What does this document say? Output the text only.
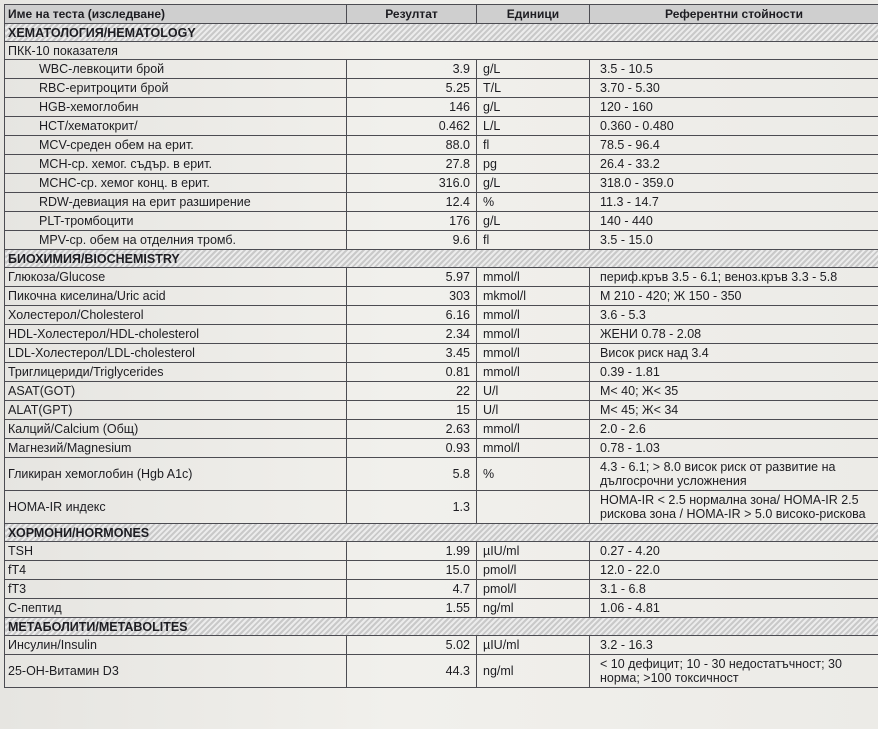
Име на теста (изследване)	Резултат	Единици	Референтни стойности
ХЕМАТОЛОГИЯ/HEMATOLOGY			
ПКК-10 показателя			
WBC-левкоцити брой	3.9	g/L	3.5 - 10.5
RBC-еритроцити брой	5.25	T/L	3.70 - 5.30
HGB-хемоглобин	146	g/L	120 - 160
HCT/хематокрит/	0.462	L/L	0.360 - 0.480
MCV-среден обем на ерит.	88.0	fl	78.5 - 96.4
MCH-ср. хемог. съдър. в ерит.	27.8	pg	26.4 - 33.2
MCHC-ср. хемог конц. в ерит.	316.0	g/L	318.0 - 359.0
RDW-девиация на ерит разширение	12.4	%	11.3 - 14.7
PLT-тромбоцити	176	g/L	140 - 440
MPV-ср. обем на отделния тромб.	9.6	fl	3.5 - 15.0
БИОХИМИЯ/BIOCHEMISTRY			
Глюкоза/Glucose	5.97	mmol/l	периф.кръв 3.5 - 6.1; веноз.кръв 3.3 - 5.8
Пикочна киселина/Uric acid	303	mkmol/l	М 210 - 420; Ж 150 - 350
Холестерол/Cholesterol	6.16	mmol/l	3.6 - 5.3
HDL-Холестерол/HDL-cholesterol	2.34	mmol/l	ЖЕНИ 0.78 - 2.08
LDL-Холестерол/LDL-cholesterol	3.45	mmol/l	Висок риск над 3.4
Триглицериди/Triglycerides	0.81	mmol/l	0.39 - 1.81
ASAT(GOT)	22	U/l	M< 40; Ж< 35
ALAT(GPT)	15	U/l	M< 45; Ж< 34
Калций/Calcium (Общ)	2.63	mmol/l	2.0 - 2.6
Магнезий/Magnesium	0.93	mmol/l	0.78 - 1.03
Гликиран хемоглобин (Hgb A1c)	5.8	%	4.3 - 6.1; > 8.0 висок риск от развитие на
дългосрочни усложнения

HOMA-IR индекс	1.3		HOMA-IR < 2.5 нормална зона/ HOMA-IR 2.5
рискова зона / HOMA-IR > 5.0 високо-рискова

ХОРМОНИ/HORMONES			
TSH	1.99	µIU/ml	0.27 - 4.20
fT4	15.0	pmol/l	12.0 - 22.0
fT3	4.7	pmol/l	3.1 - 6.8
С-пептид	1.55	ng/ml	1.06 - 4.81
МЕТАБОЛИТИ/METABOLITES			
Инсулин/Insulin	5.02	µIU/ml	3.2 - 16.3
25-OH-Витамин D3	44.3	ng/ml	< 10 дефицит; 10 - 30 недостатъчност; 30
норма; >100 токсичност
